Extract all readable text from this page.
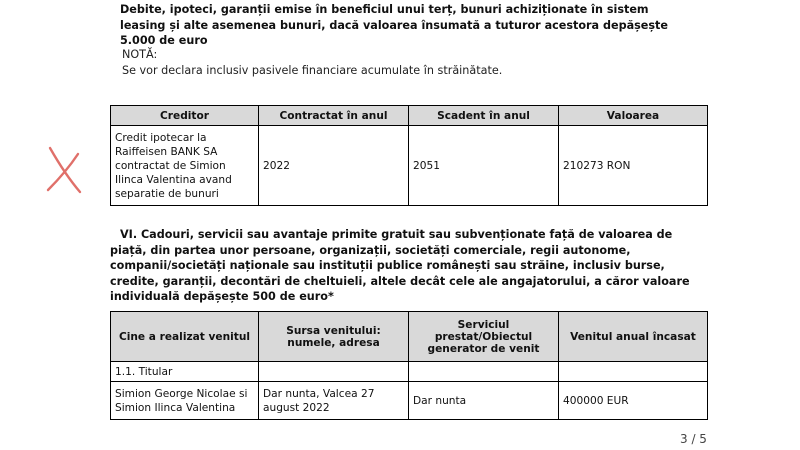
Debite, ipoteci, garanții emise în beneficiul unui terț, bunuri achiziționate în sistem leasing și alte asemenea bunuri, dacă valoarea însumată a tuturor acestora depășește 5.000 de euro
NOTĂ:
Se vor declara inclusiv pasivele financiare acumulate în străinătate.
Creditor	Contractat în anul	Scadent în anul	Valoarea
Credit ipotecar la Raiffeisen BANK SA contractat de Simion Ilinca Valentina avand separatie de bunuri	2022	2051	210273 RON
VI. Cadouri, servicii sau avantaje primite gratuit sau subvenționate față de valoarea de piață, din partea unor persoane, organizații, societăți comerciale, regii autonome, companii/societăți naționale sau instituții publice românești sau străine, inclusiv burse, credite, garanții, decontări de cheltuieli, altele decât cele ale angajatorului, a căror valoare individuală depășește 500 de euro*
Cine a realizat venitul	Sursa venitului: numele, adresa	Serviciul prestat/Obiectul generator de venit	Venitul anual încasat
1.1. Titular			
Simion George Nicolae si Simion Ilinca Valentina	Dar nunta, Valcea 27 august 2022	Dar nunta	400000 EUR
3 / 5
